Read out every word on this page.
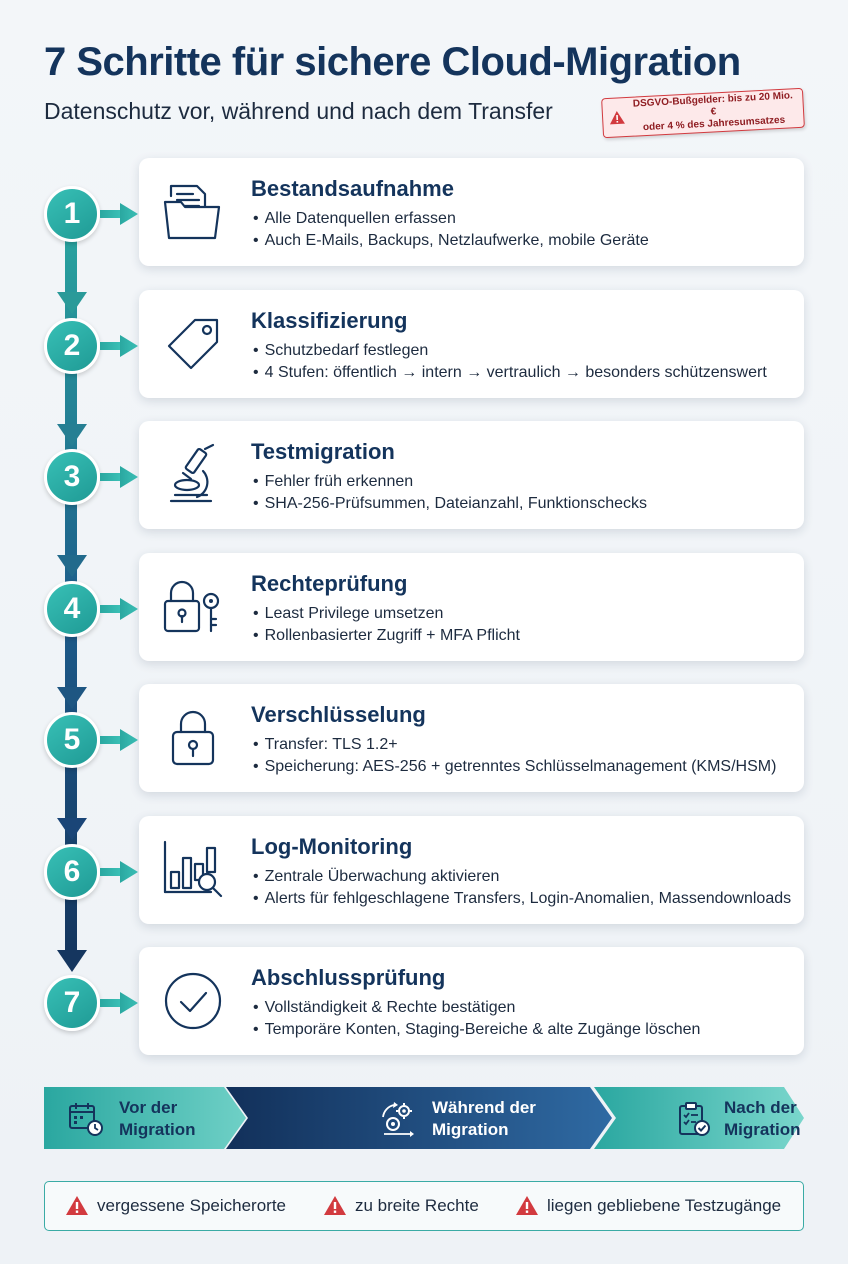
7 Schritte für sichere Cloud-Migration
Datenschutz vor, während und nach dem Transfer	DSGVO-Bußgelder: bis zu 20 Mio. €
oder 4 % des Jahresumsatzes
1
Bestandsaufnahme
• Alle Datenquellen erfassen
• Auch E-Mails, Backups, Netzlaufwerke, mobile Geräte
2
Klassifizierung
• Schutzbedarf festlegen
• 4 Stufen: öffentlich → intern → vertraulich → besonders schützenswert
3
Testmigration
• Fehler früh erkennen
• SHA-256-Prüfsummen, Dateianzahl, Funktionschecks
4
Rechteprüfung
• Least Privilege umsetzen
• Rollenbasierter Zugriff + MFA Pflicht
5
Verschlüsselung
• Transfer: TLS 1.2+
• Speicherung: AES-256 + getrenntes Schlüsselmanagement (KMS/HSM)
6
Log-Monitoring
• Zentrale Überwachung aktivieren
• Alerts für fehlgeschlagene Transfers, Login-Anomalien, Massendownloads
7
Abschlussprüfung
• Vollständigkeit & Rechte bestätigen
• Temporäre Konten, Staging-Bereiche & alte Zugänge löschen
Vor der
Migration
Während der
Migration
Nach der
Migration
vergessene Speicherorte	zu breite Rechte	liegen gebliebene Testzugänge
